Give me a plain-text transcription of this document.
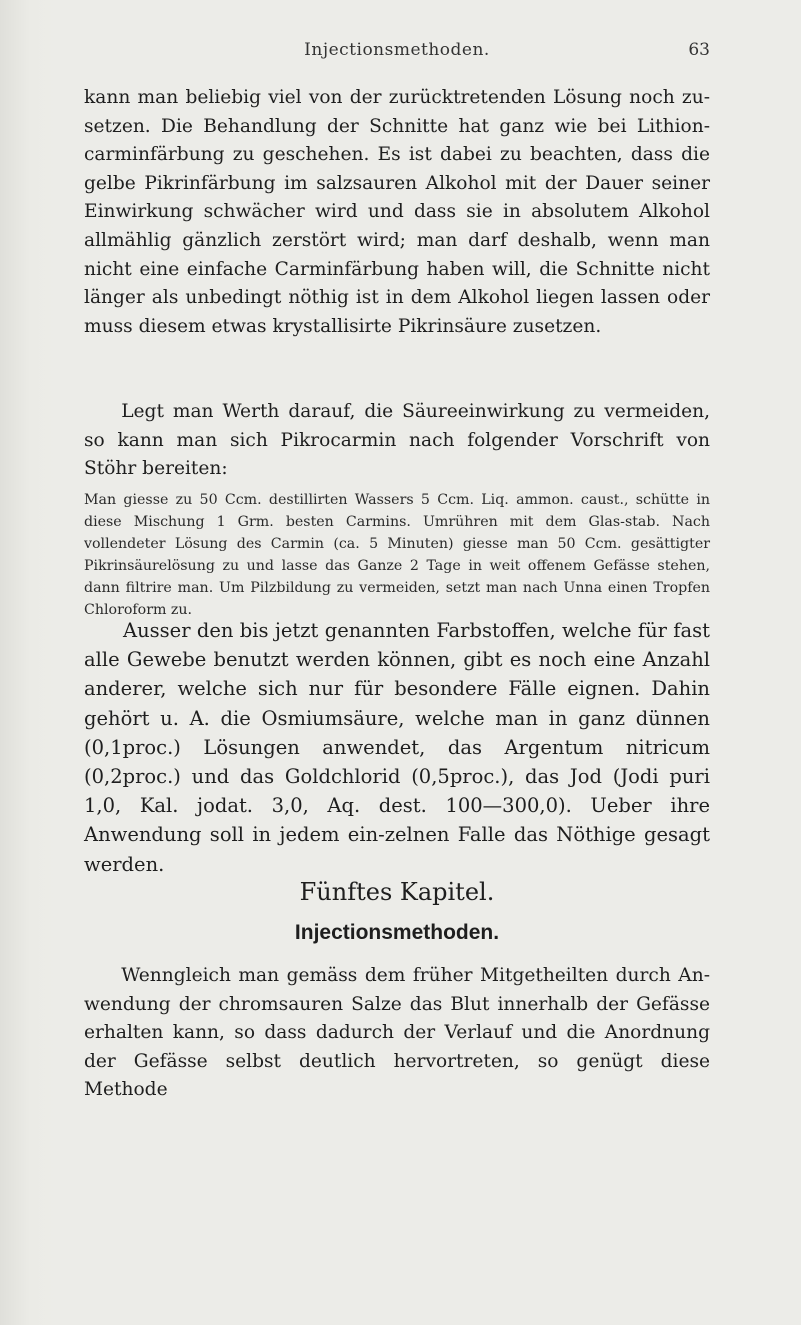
Injectionsmethoden.	63

kann man beliebig viel von der zurücktretenden Lösung noch zu-setzen. Die Behandlung der Schnitte hat ganz wie bei Lithion-carminfärbung zu geschehen. Es ist dabei zu beachten, dass die gelbe Pikrinfärbung im salzsauren Alkohol mit der Dauer seiner Einwirkung schwächer wird und dass sie in absolutem Alkohol allmählig gänzlich zerstört wird; man darf deshalb, wenn man nicht eine einfache Carminfärbung haben will, die Schnitte nicht länger als unbedingt nöthig ist in dem Alkohol liegen lassen oder muss diesem etwas krystallisirte Pikrinsäure zusetzen.

Legt man Werth darauf, die Säureeinwirkung zu vermeiden, so kann man sich Pikrocarmin nach folgender Vorschrift von Stöhr bereiten:

Man giesse zu 50 Ccm. destillirten Wassers 5 Ccm. Liq. ammon. caust., schütte in diese Mischung 1 Grm. besten Carmins. Umrühren mit dem Glas-stab. Nach vollendeter Lösung des Carmin (ca. 5 Minuten) giesse man 50 Ccm. gesättigter Pikrinsäurelösung zu und lasse das Ganze 2 Tage in weit offenem Gefässe stehen, dann filtrire man. Um Pilzbildung zu vermeiden, setzt man nach Unna einen Tropfen Chloroform zu.

Ausser den bis jetzt genannten Farbstoffen, welche für fast alle Gewebe benutzt werden können, gibt es noch eine Anzahl anderer, welche sich nur für besondere Fälle eignen. Dahin gehört u. A. die Osmiumsäure, welche man in ganz dünnen (0,1proc.) Lösungen anwendet, das Argentum nitricum (0,2proc.) und das Goldchlorid (0,5proc.), das Jod (Jodi puri 1,0, Kal. jodat. 3,0, Aq. dest. 100—300,0). Ueber ihre Anwendung soll in jedem ein-zelnen Falle das Nöthige gesagt werden.

Fünftes Kapitel.
Injectionsmethoden.

Wenngleich man gemäss dem früher Mitgetheilten durch An-wendung der chromsauren Salze das Blut innerhalb der Gefässe erhalten kann, so dass dadurch der Verlauf und die Anordnung der Gefässe selbst deutlich hervortreten, so genügt diese Methode
